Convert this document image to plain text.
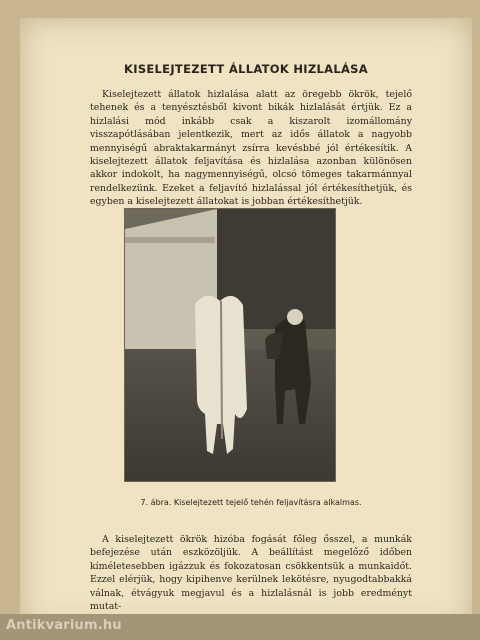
KISELEJTEZETT ÁLLATOK HIZLALÁSA

Kiselejtezett állatok hizlalása alatt az öregebb ökrök, tejelő tehenek és a tenyésztésből kivont bikák hizlalását értjük. Ez a hizlalási mód inkább csak a kiszarolt izomállomány visszapótlásában jelentkezik, mert az idős állatok a nagyobb mennyiségű abraktakarmányt zsírra kevésbbé jól értékesítik. A kiselejtezett állatok feljavítása és hizlalása azonban különösen akkor indokolt, ha nagymennyiségű, olcsó tömeges takarmánnyal rendelkezünk. Ezeket a feljavító hizlalással jól értékesíthetjük, és egyben a kiselejtezett állatokat is jobban értékesíthetjük.

7. ábra. Kiselejtezett tejelő tehén feljavításra alkalmas.

A kiselejtezett ökrök hizóba fogását főleg ősszel, a munkák befejezése után eszközöljük. A beállítást megelőző időben kíméletesebben igázzuk és fokozatosan csökkentsük a munkaidőt. Ezzel elérjük, hogy kipihenve kerülnek lekötésre, nyugodtabbakká válnak, étvágyuk megjavul és a hizlalásnál is jobb eredményt mutat-

Antikvarium.hu
